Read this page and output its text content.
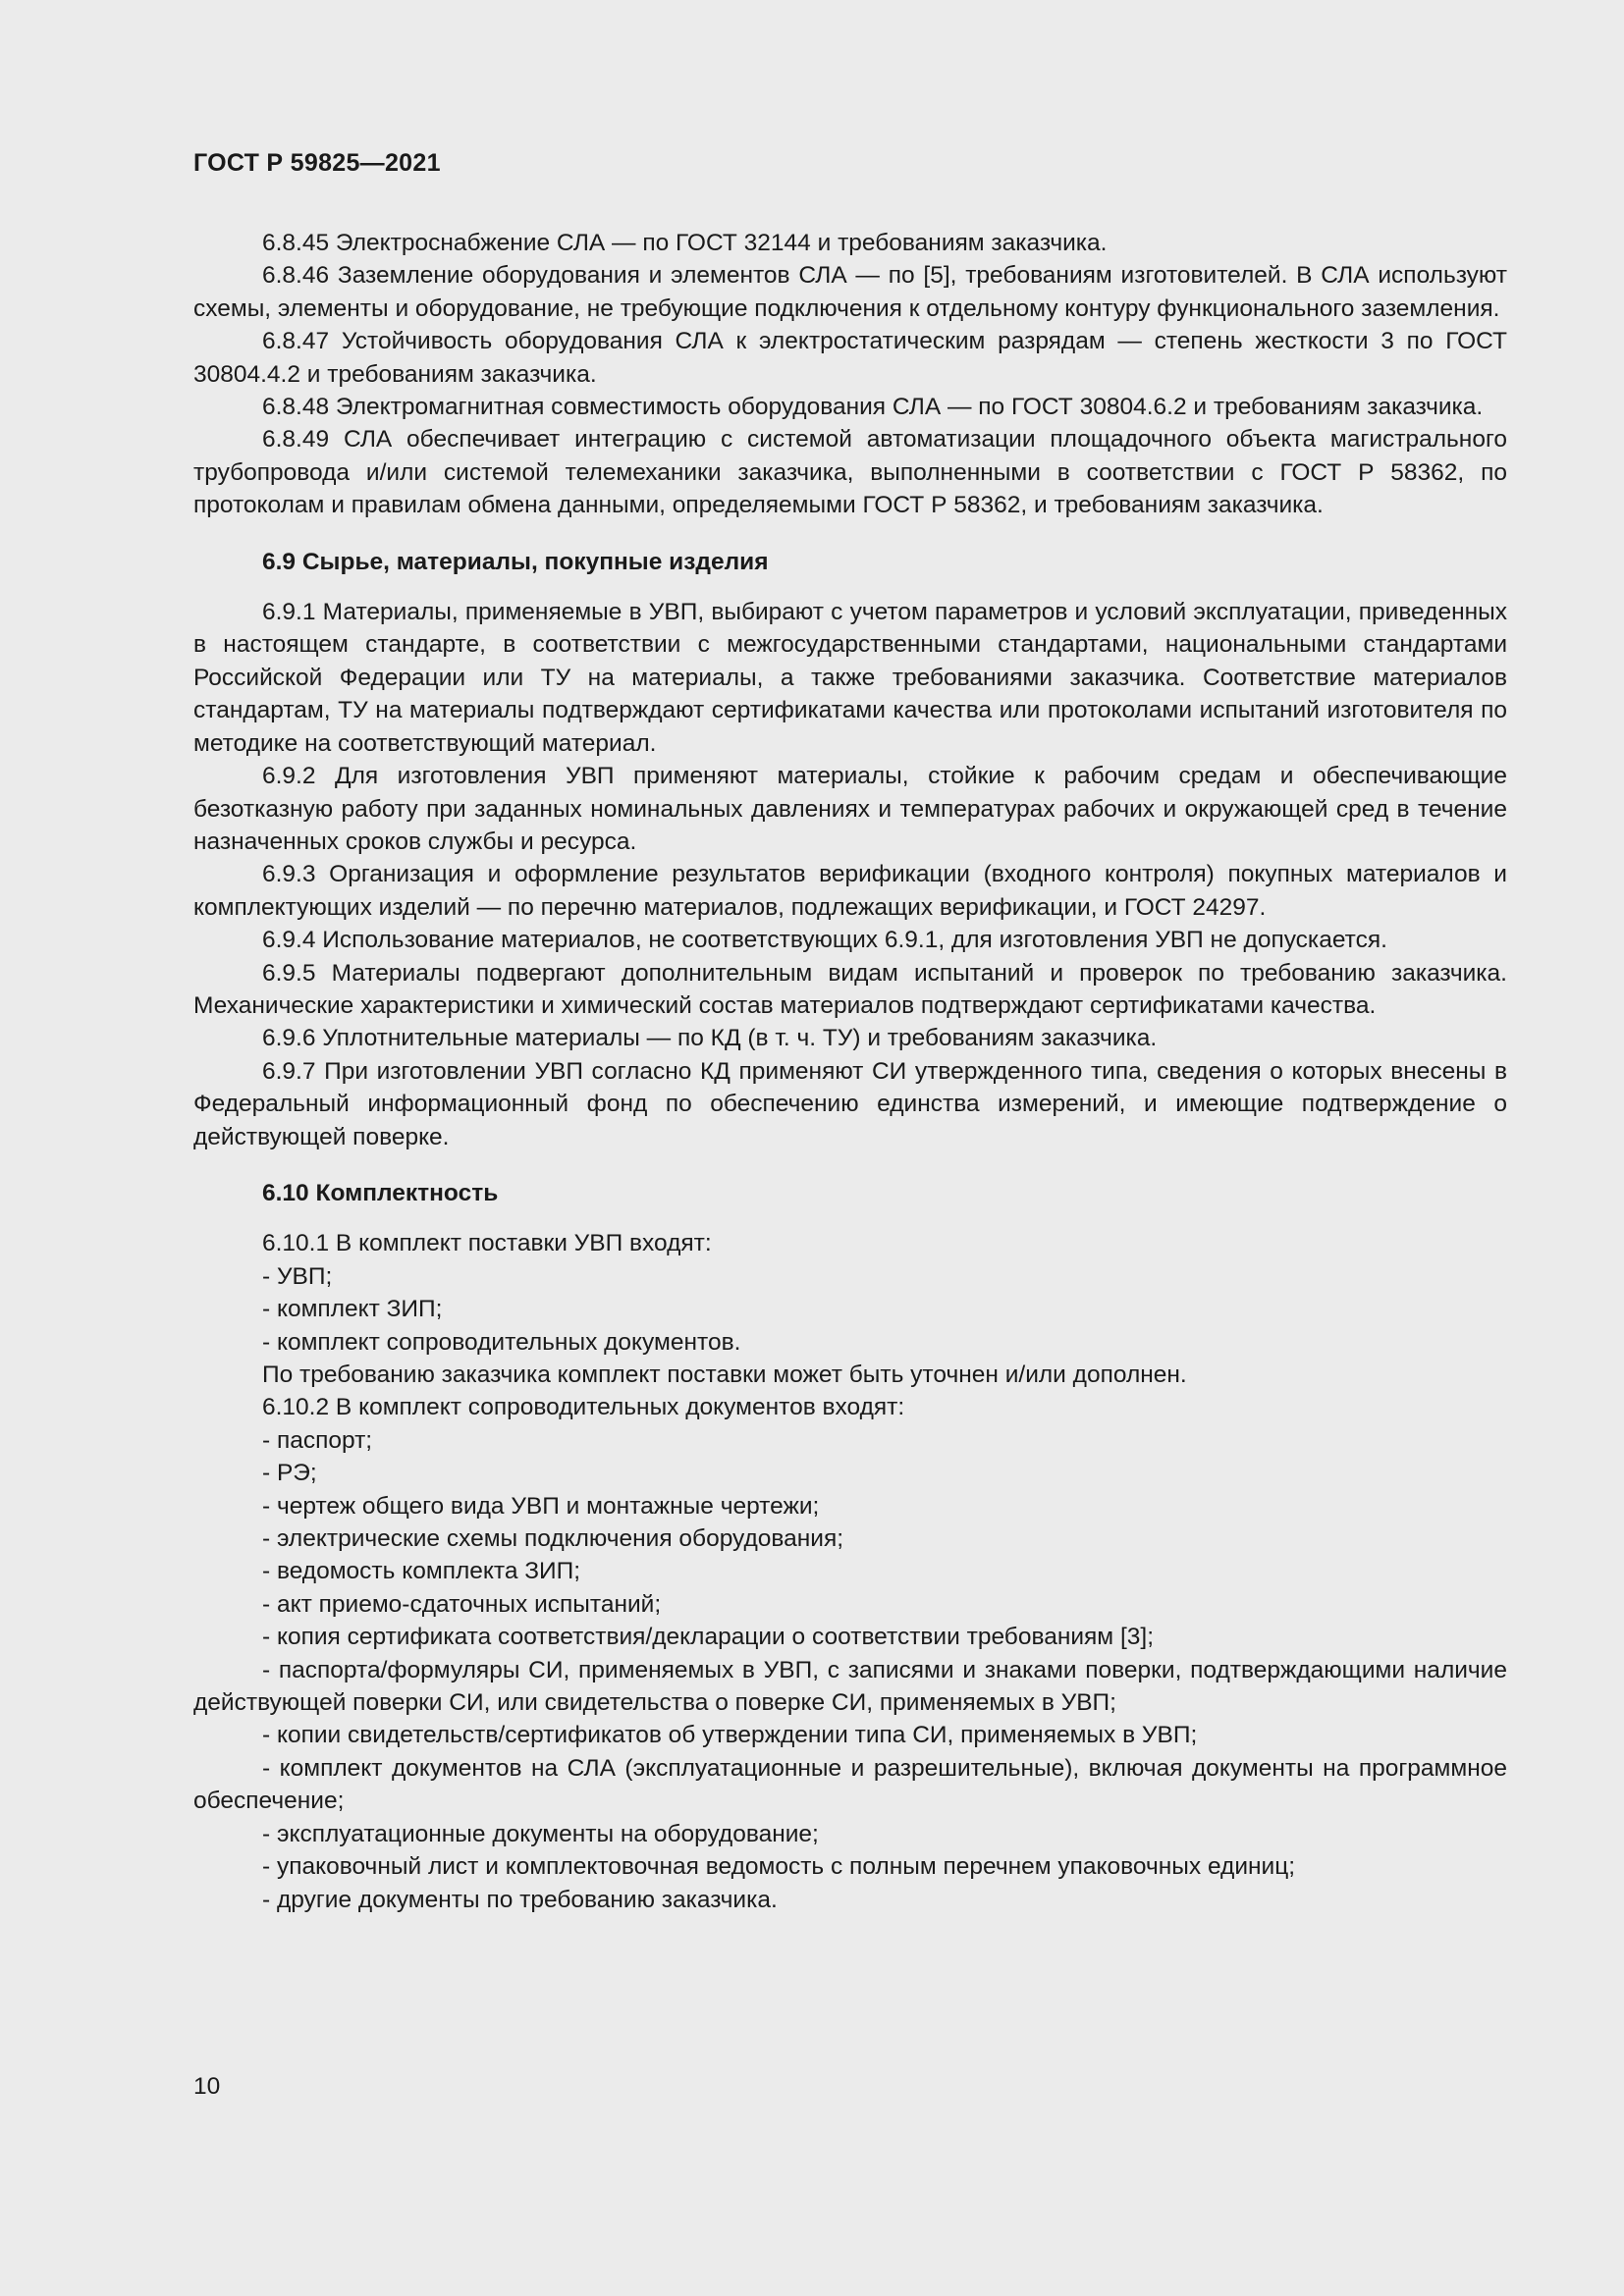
ГОСТ Р 59825—2021

6.8.45 Электроснабжение СЛА — по ГОСТ 32144 и требованиям заказчика.

6.8.46 Заземление оборудования и элементов СЛА — по [5], требованиям изготовителей. В СЛА используют схемы, элементы и оборудование, не требующие подключения к отдельному контуру функционального заземления.

6.8.47 Устойчивость оборудования СЛА к электростатическим разрядам — степень жесткости 3 по ГОСТ 30804.4.2 и требованиям заказчика.

6.8.48 Электромагнитная совместимость оборудования СЛА — по ГОСТ 30804.6.2 и требованиям заказчика.

6.8.49 СЛА обеспечивает интеграцию с системой автоматизации площадочного объекта магистрального трубопровода и/или системой телемеханики заказчика, выполненными в соответствии с ГОСТ Р 58362, по протоколам и правилам обмена данными, определяемыми ГОСТ Р 58362, и требованиям заказчика.

6.9 Сырье, материалы, покупные изделия

6.9.1 Материалы, применяемые в УВП, выбирают с учетом параметров и условий эксплуатации, приведенных в настоящем стандарте, в соответствии с межгосударственными стандартами, национальными стандартами Российской Федерации или ТУ на материалы, а также требованиями заказчика. Соответствие материалов стандартам, ТУ на материалы подтверждают сертификатами качества или протоколами испытаний изготовителя по методике на соответствующий материал.

6.9.2 Для изготовления УВП применяют материалы, стойкие к рабочим средам и обеспечивающие безотказную работу при заданных номинальных давлениях и температурах рабочих и окружающей сред в течение назначенных сроков службы и ресурса.

6.9.3 Организация и оформление результатов верификации (входного контроля) покупных материалов и комплектующих изделий — по перечню материалов, подлежащих верификации, и ГОСТ 24297.

6.9.4 Использование материалов, не соответствующих 6.9.1, для изготовления УВП не допускается.

6.9.5 Материалы подвергают дополнительным видам испытаний и проверок по требованию заказчика. Механические характеристики и химический состав материалов подтверждают сертификатами качества.

6.9.6 Уплотнительные материалы — по КД (в т. ч. ТУ) и требованиям заказчика.

6.9.7 При изготовлении УВП согласно КД применяют СИ утвержденного типа, сведения о которых внесены в Федеральный информационный фонд по обеспечению единства измерений, и имеющие подтверждение о действующей поверке.

6.10 Комплектность

6.10.1 В комплект поставки УВП входят:

- УВП;

- комплект ЗИП;

- комплект сопроводительных документов.

По требованию заказчика комплект поставки может быть уточнен и/или дополнен.

6.10.2 В комплект сопроводительных документов входят:

- паспорт;

- РЭ;

- чертеж общего вида УВП и монтажные чертежи;

- электрические схемы подключения оборудования;

- ведомость комплекта ЗИП;

- акт приемо-сдаточных испытаний;

- копия сертификата соответствия/декларации о соответствии требованиям [3];

- паспорта/формуляры СИ, применяемых в УВП, с записями и знаками поверки, подтверждающими наличие действующей поверки СИ, или свидетельства о поверке СИ, применяемых в УВП;

- копии свидетельств/сертификатов об утверждении типа СИ, применяемых в УВП;

- комплект документов на СЛА (эксплуатационные и разрешительные), включая документы на программное обеспечение;

- эксплуатационные документы на оборудование;

- упаковочный лист и комплектовочная ведомость с полным перечнем упаковочных единиц;

- другие документы по требованию заказчика.

10
